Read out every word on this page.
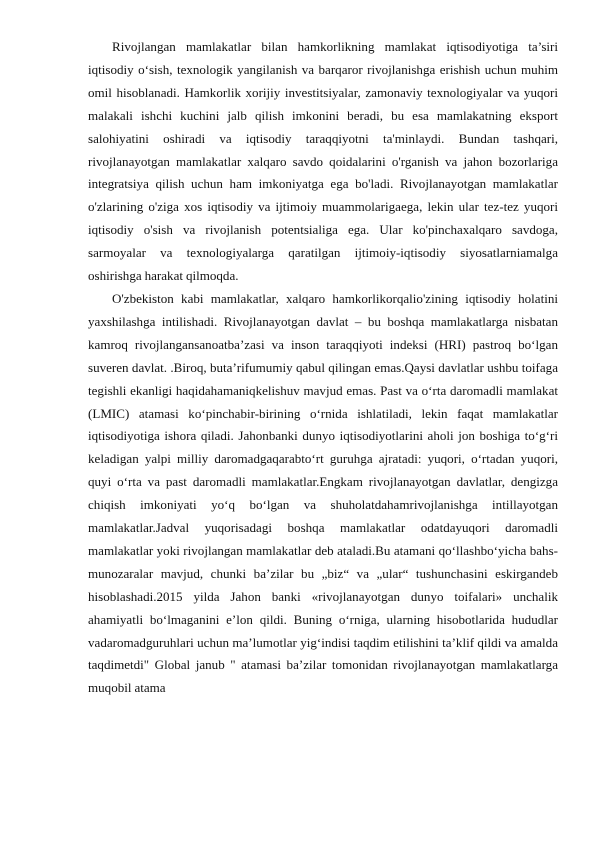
Rivojlangan mamlakatlar bilan hamkorlikning mamlakat iqtisodiyotiga ta’siri iqtisodiy o‘sish, texnologik yangilanish va barqaror rivojlanishga erishish uchun muhim omil hisoblanadi. Hamkorlik xorijiy investitsiyalar, zamonaviy texnologiyalar va yuqori malakali ishchi kuchini jalb qilish imkonini beradi, bu esa mamlakatning eksport salohiyatini oshiradi va iqtisodiy taraqqiyotni ta'minlaydi. Bundan tashqari, rivojlanayotgan mamlakatlar xalqaro savdo qoidalarini o'rganish va jahon bozorlariga integratsiya qilish uchun ham imkoniyatga ega bo'ladi. Rivojlanayotgan mamlakatlar o'zlarining o'ziga xos iqtisodiy va ijtimoiy muammolarigaega, lekin ular tez-tez yuqori iqtisodiy o'sish va rivojlanish potentsialiga ega. Ular ko'pinchaxalqaro savdoga, sarmoyalar va texnologiyalarga qaratilgan ijtimoiy-iqtisodiy siyosatlarniamalga oshirishga harakat qilmoqda.

O'zbekiston kabi mamlakatlar, xalqaro hamkorlikorqalio'zining iqtisodiy holatini yaxshilashga intilishadi. Rivojlanayotgan davlat – bu boshqa mamlakatlarga nisbatan kamroq rivojlangansanoatba’zasi va inson taraqqiyoti indeksi (HRI) pastroq bo‘lgan suveren davlat. .Biroq, buta’rifumumiy qabul qilingan emas.Qaysi davlatlar ushbu toifaga tegishli ekanligi haqidahamaniqkelishuv mavjud emas. Past va o‘rta daromadli mamlakat (LMIC) atamasi ko‘pinchabir-birining o‘rnida ishlatiladi, lekin faqat mamlakatlar iqtisodiyotiga ishora qiladi. Jahonbanki dunyo iqtisodiyotlarini aholi jon boshiga to‘g‘ri keladigan yalpi milliy daromadgaqarabto‘rt guruhga ajratadi: yuqori, o‘rtadan yuqori, quyi o‘rta va past daromadli mamlakatlar.Engkam rivojlanayotgan davlatlar, dengizga chiqish imkoniyati yo‘q bo‘lgan va shuholatdahamrivojlanishga intillayotgan mamlakatlar.Jadval yuqorisadagi boshqa mamlakatlar odatdayuqori daromadli mamlakatlar yoki rivojlangan mamlakatlar deb ataladi.Bu atamani qo‘llashbo‘yicha bahs-munozaralar mavjud, chunki ba’zilar bu „biz“ va „ular“ tushunchasini eskirgandeb hisoblashadi.2015 yilda Jahon banki «rivojlanayotgan dunyo toifalari» unchalik ahamiyatli bo‘lmaganini e’lon qildi. Buning o‘rniga, ularning hisobotlarida hududlar vadaromadguruhlari uchun ma’lumotlar yig‘indisi taqdim etilishini ta’klif qildi va amalda taqdimetdi" Global janub " atamasi ba’zilar tomonidan rivojlanayotgan mamlakatlarga muqobil atama
